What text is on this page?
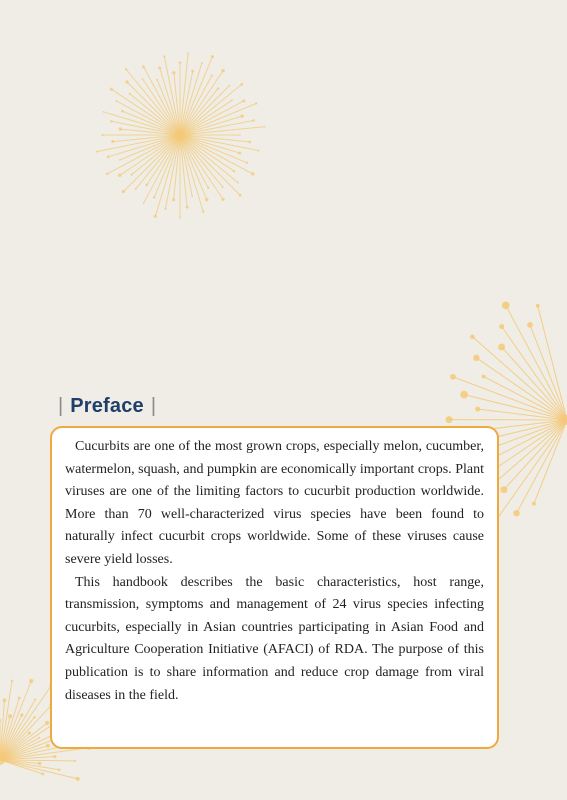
| Preface |

Cucurbits are one of the most grown crops, especially melon, cucumber, watermelon, squash, and pumpkin are economically important crops. Plant viruses are one of the limiting factors to cucurbit production worldwide. More than 70 well-characterized virus species have been found to naturally infect cucurbit crops worldwide. Some of these viruses cause severe yield losses.

This handbook describes the basic characteristics, host range, transmission, symptoms and management of 24 virus species infecting cucurbits, especially in Asian countries participating in Asian Food and Agriculture Cooperation Initiative (AFACI) of RDA. The purpose of this publication is to share information and reduce crop damage from viral diseases in the field.
